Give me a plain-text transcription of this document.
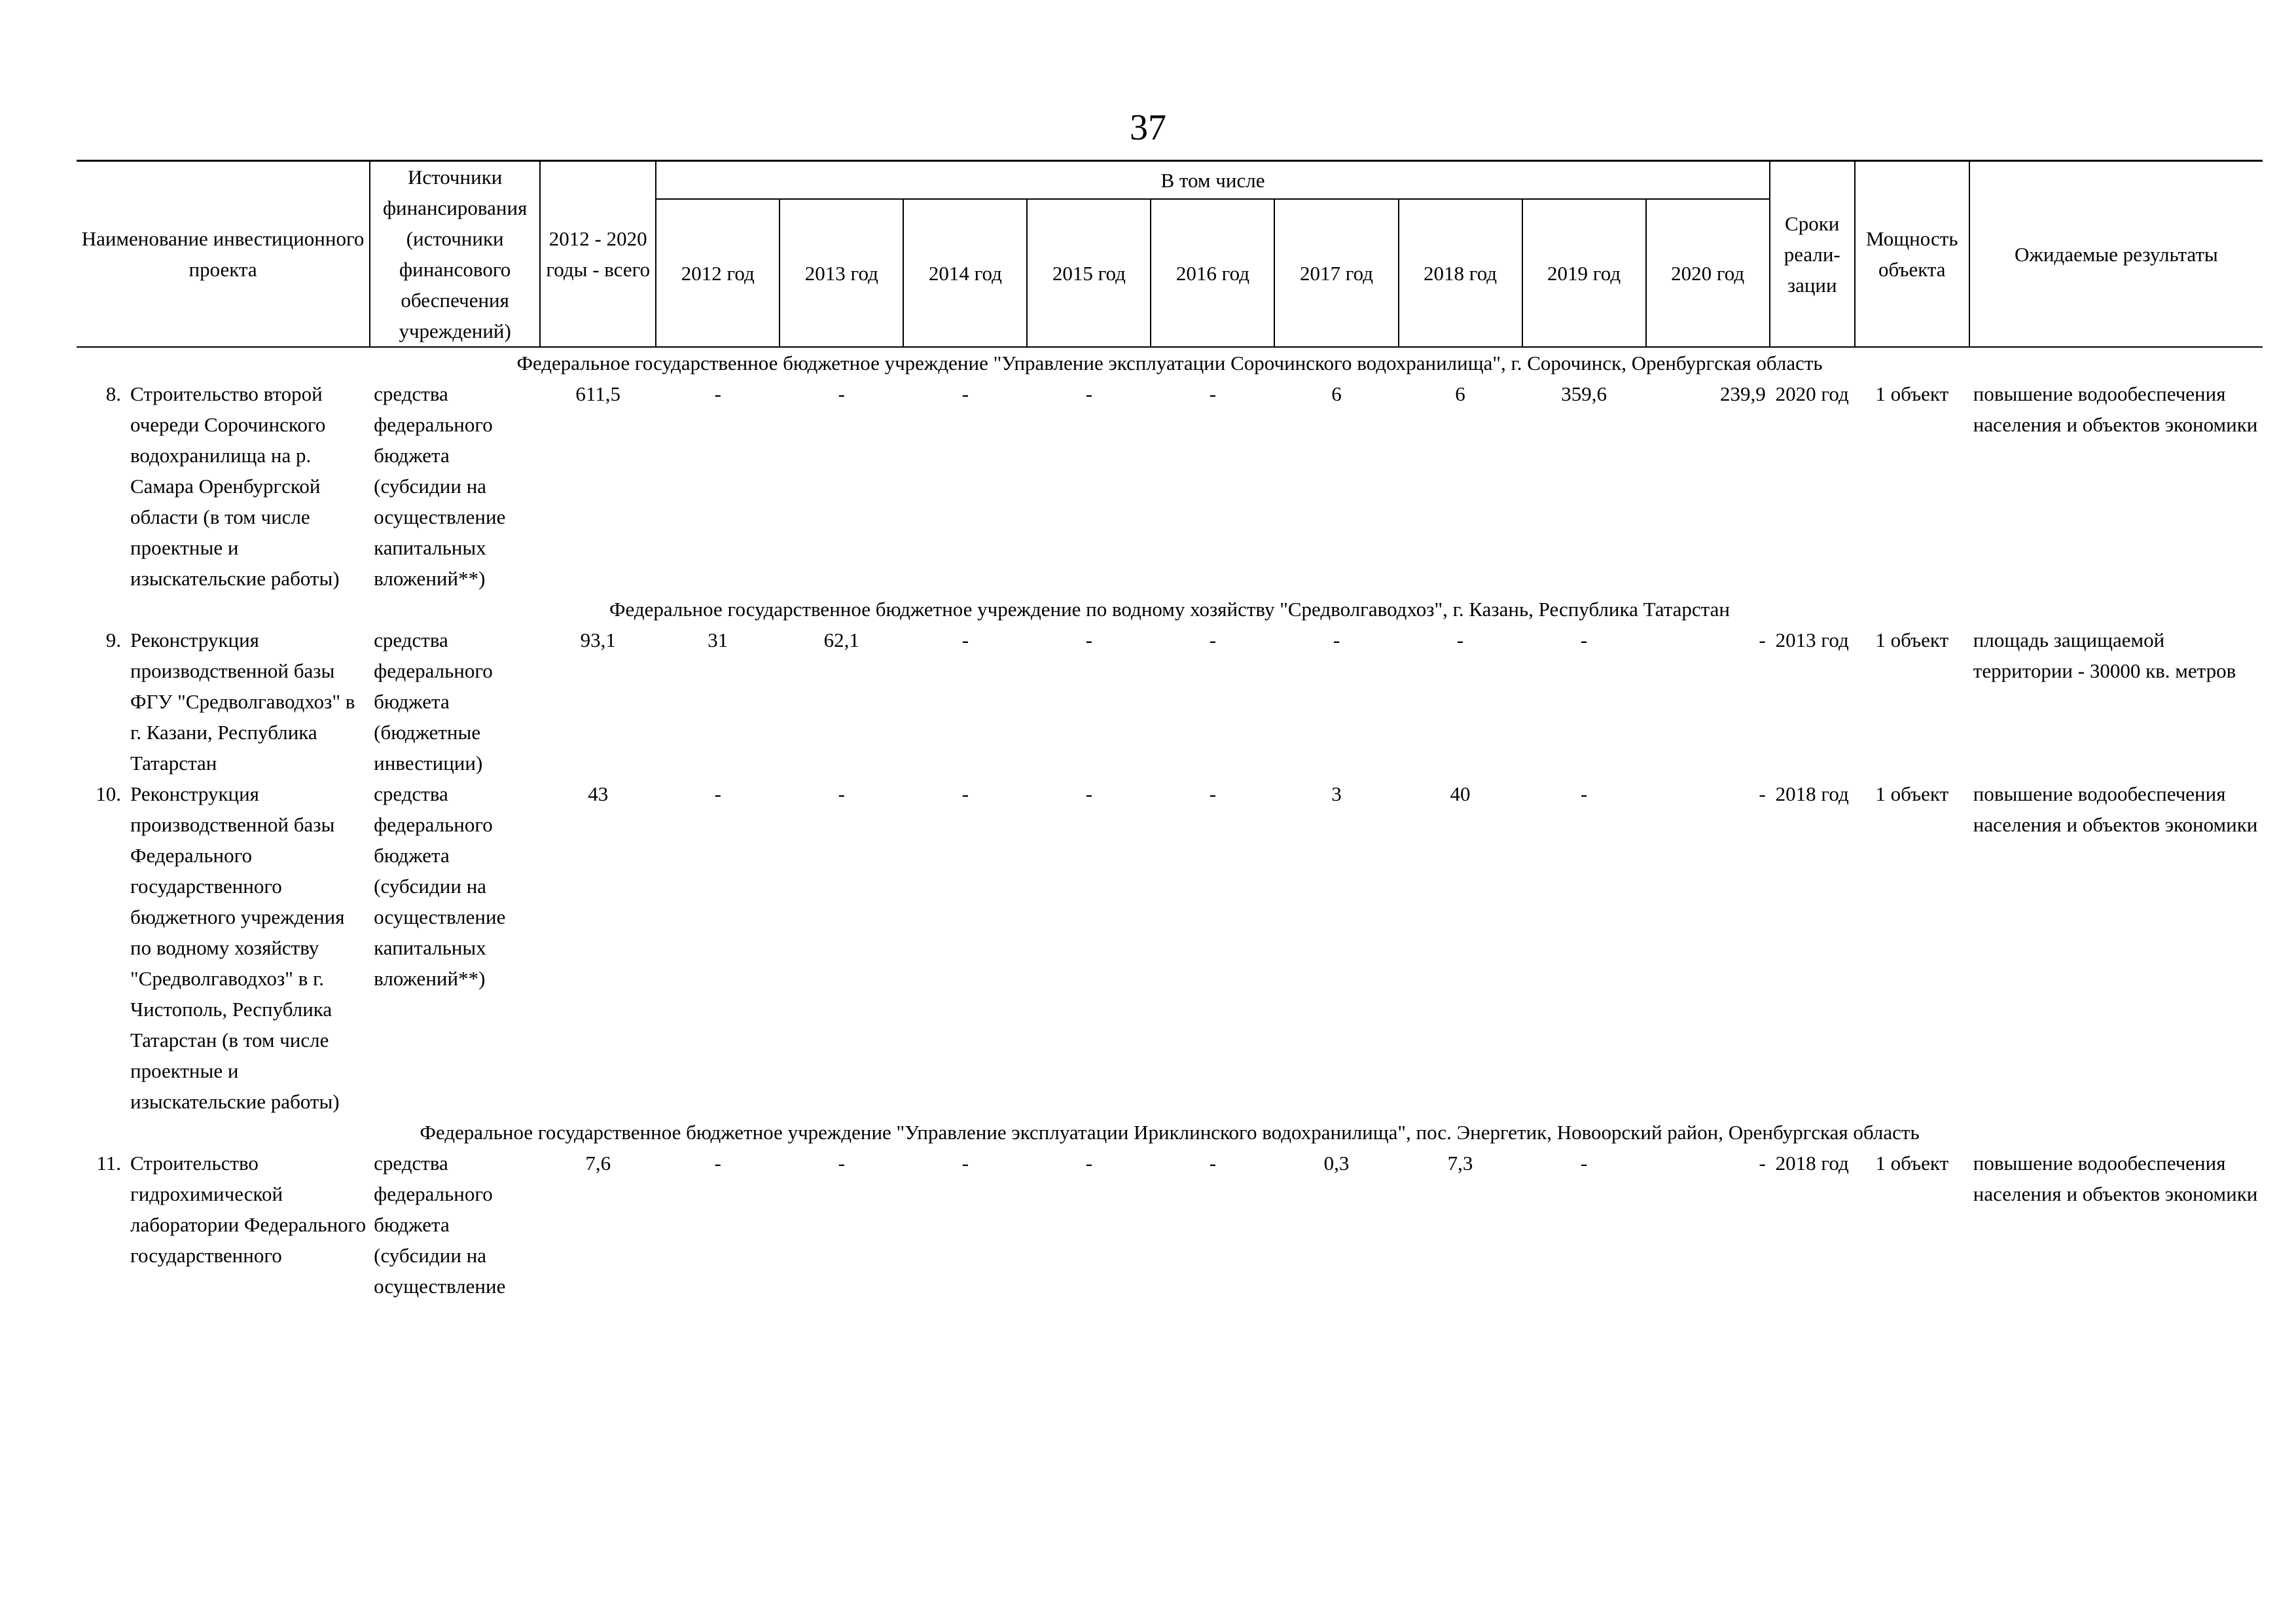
37
Наименование инвестиционного проекта	Источники финансирования (источники финансового обеспечения учреждений)	2012 - 2020 годы - всего	В том числе									Сроки реали- зации	Мощность объекта	Ожидаемые результаты
			2012 год	2013 год	2014 год	2015 год	2016 год	2017 год	2018 год	2019 год	2020 год			
Федеральное государственное бюджетное учреждение "Управление эксплуатации Сорочинского водохранилища", г. Сорочинск, Оренбургская область														

8. Строительство второй очереди Сорочинского водохранилища на р. Самара Оренбургской области (в том числе проектные и изыскательские работы)	средства федерального бюджета (субсидии на осуществление капитальных вложений**)	611,5	-	-	-	-	-	6	6	359,6	239,9	2020 год	1 объект	повышение водообеспечения населения и объектов экономики
Федеральное государственное бюджетное учреждение по водному хозяйству "Средволгаводхоз", г. Казань, Республика Татарстан														

9. Реконструкция производственной базы ФГУ "Средволгаводхоз" в г. Казани, Республика Татарстан	средства федерального бюджета (бюджетные инвестиции)	93,1	31	62,1	-	-	-	-	-	-	-	2013 год	1 объект	площадь защищаемой территории - 30000 кв. метров

10. Реконструкция производственной базы Федерального государственного бюджетного учреждения по водному хозяйству "Средволгаводхоз" в г. Чистополь, Республика Татарстан (в том числе проектные и изыскательские работы)	средства федерального бюджета (субсидии на осуществление капитальных вложений**)	43	-	-	-	-	-	3	40	-	-	2018 год	1 объект	повышение водообеспечения населения и объектов экономики
Федеральное государственное бюджетное учреждение "Управление эксплуатации Ириклинского водохранилища", пос. Энергетик, Новоорский район, Оренбургская область														

11. Строительство гидрохимической лаборатории Федерального государственного	средства федерального бюджета (субсидии на осуществление	7,6	-	-	-	-	-	0,3	7,3	-	-	2018 год	1 объект	повышение водообеспечения населения и объектов экономики
